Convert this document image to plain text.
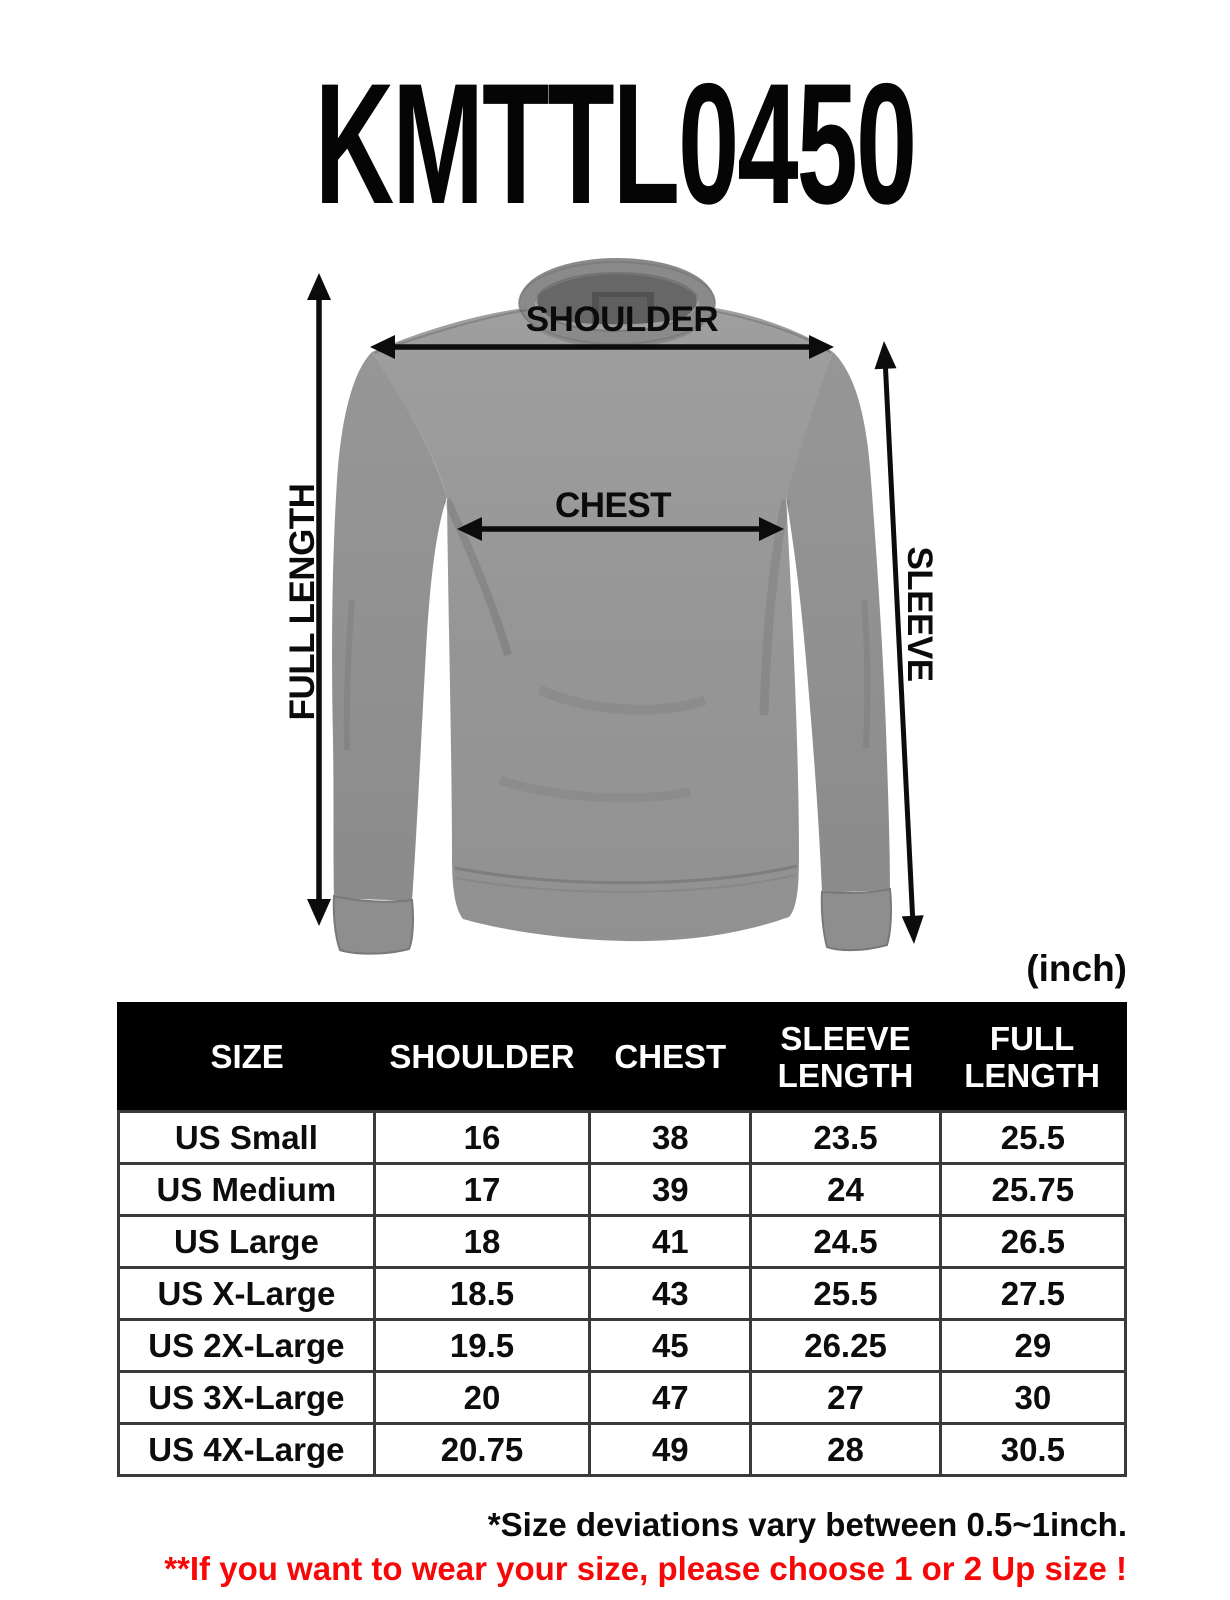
KMTTL0450
SHOULDER
CHEST
FULL LENGTH	SLEEVE
(inch)
SIZE	SHOULDER	CHEST	SLEEVE LENGTH	FULL LENGTH
US Small	16	38	23.5	25.5
US Medium	17	39	24	25.75
US Large	18	41	24.5	26.5
US X-Large	18.5	43	25.5	27.5
US 2X-Large	19.5	45	26.25	29
US 3X-Large	20	47	27	30
US 4X-Large	20.75	49	28	30.5
*Size deviations vary between 0.5~1inch.
**If you want to wear your size, please choose 1 or 2 Up size !
